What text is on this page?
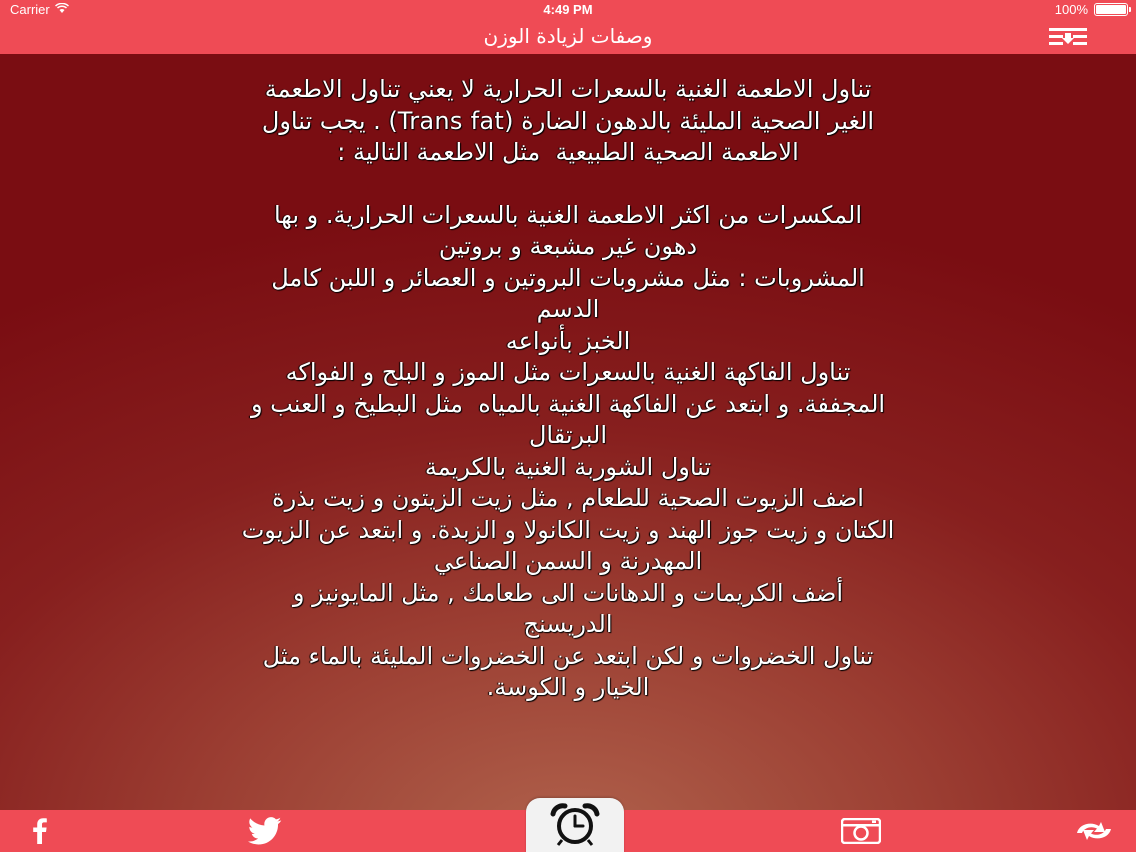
Carrier	4:49 PM	100%
وصفات لزيادة الوزن

تناول الاطعمة الغنية بالسعرات الحرارية لا يعني تناول الاطعمة

الغير الصحية المليئة بالدهون الضارة (Trans fat) . يجب تناول

الاطعمة الصحية الطبيعية  مثل الاطعمة التالية :

المكسرات من اكثر الاطعمة الغنية بالسعرات الحرارية. و بها

دهون غير مشبعة و بروتين

المشروبات : مثل مشروبات البروتين و العصائر و اللبن كامل

الدسم

الخبز بأنواعه

تناول الفاكهة الغنية بالسعرات مثل الموز و البلح و الفواكه

المجففة. و ابتعد عن الفاكهة الغنية بالمياه  مثل البطيخ و العنب و

البرتقال

تناول الشوربة الغنية بالكريمة

اضف الزيوت الصحية للطعام , مثل زيت الزيتون و زيت بذرة

الكتان و زيت جوز الهند و زيت الكانولا و الزبدة. و ابتعد عن الزيوت

المهدرنة و السمن الصناعي

أضف الكريمات و الدهانات الى طعامك , مثل المايونيز و

الدريسنج

تناول الخضروات و لكن ابتعد عن الخضروات المليئة بالماء مثل

الخيار و الكوسة.
